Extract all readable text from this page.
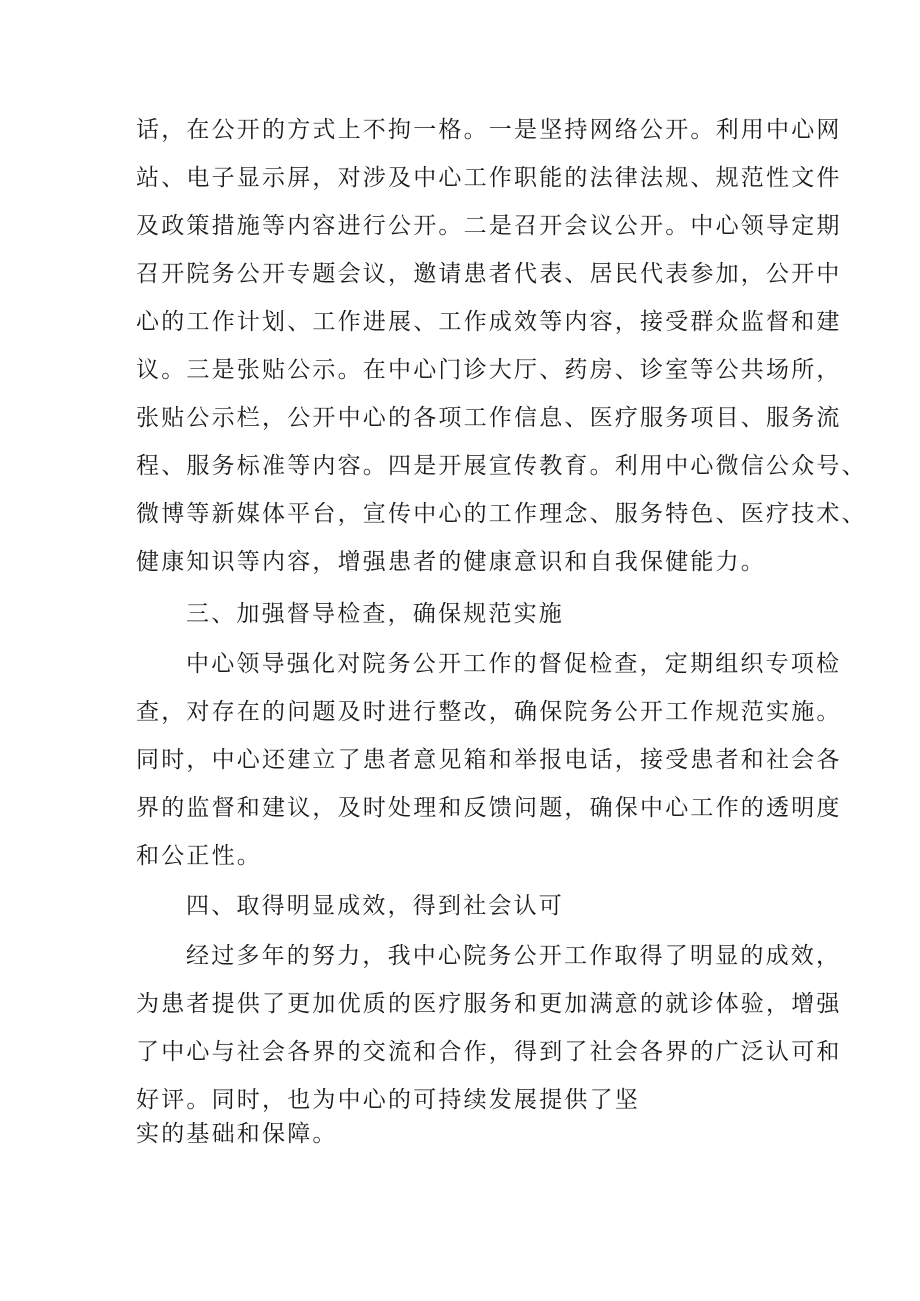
话，在公开的方式上不拘一格。一是坚持网络公开。利用中心网
站、电子显示屏，对涉及中心工作职能的法律法规、规范性文件
及政策措施等内容进行公开。二是召开会议公开。中心领导定期
召开院务公开专题会议，邀请患者代表、居民代表参加，公开中
心的工作计划、工作进展、工作成效等内容，接受群众监督和建
议。三是张贴公示。在中心门诊大厅、药房、诊室等公共场所，
张贴公示栏，公开中心的各项工作信息、医疗服务项目、服务流
程、服务标准等内容。四是开展宣传教育。利用中心微信公众号、
微博等新媒体平台，宣传中心的工作理念、服务特色、医疗技术、
健康知识等内容，增强患者的健康意识和自我保健能力。
三、加强督导检查，确保规范实施
中心领导强化对院务公开工作的督促检查，定期组织专项检
查，对存在的问题及时进行整改，确保院务公开工作规范实施。
同时，中心还建立了患者意见箱和举报电话，接受患者和社会各
界的监督和建议，及时处理和反馈问题，确保中心工作的透明度
和公正性。
四、取得明显成效，得到社会认可
经过多年的努力，我中心院务公开工作取得了明显的成效，
为患者提供了更加优质的医疗服务和更加满意的就诊体验，增强
了中心与社会各界的交流和合作，得到了社会各界的广泛认可和
好评。同时，也为中心的可持续发展提供了坚
实的基础和保障。
